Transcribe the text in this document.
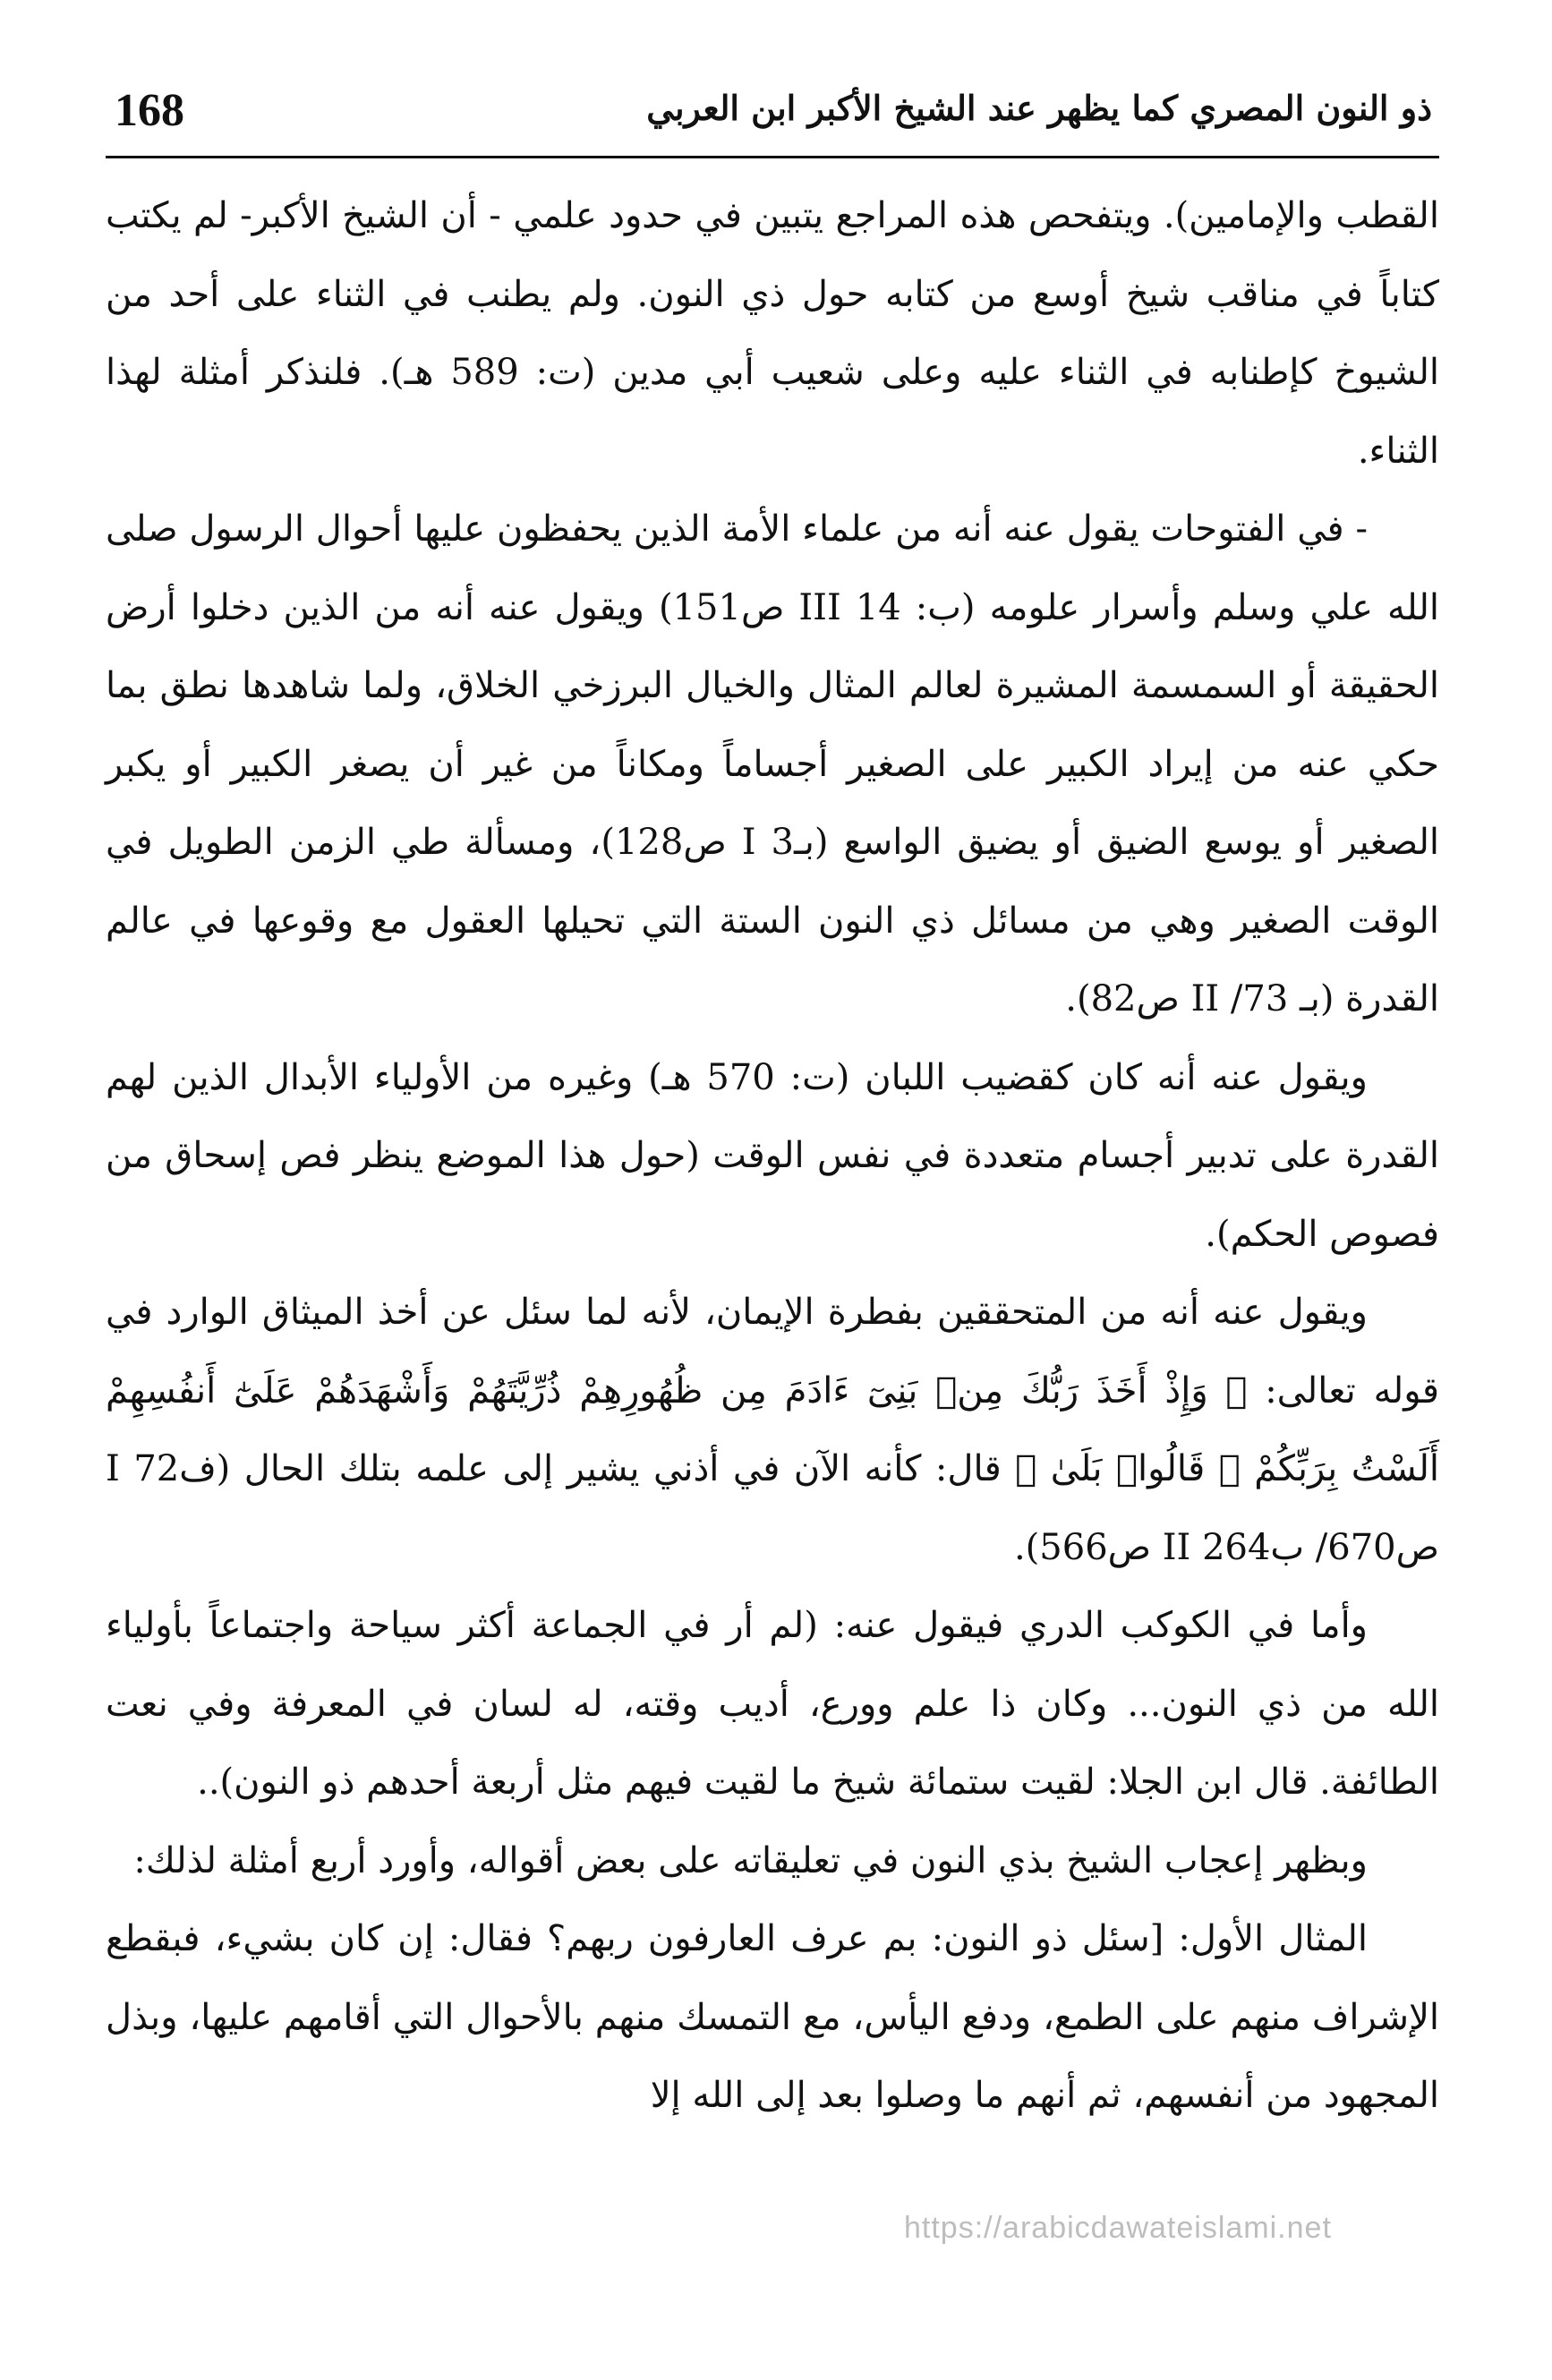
168	ذو النون المصري كما يظهر عند الشيخ الأكبر ابن العربي

القطب والإمامين). ويتفحص هذه المراجع يتبين في حدود علمي - أن الشيخ الأكبر- لم يكتب كتاباً في مناقب شيخ أوسع من كتابه حول ذي النون. ولم يطنب في الثناء على أحد من الشيوخ كإطنابه في الثناء عليه وعلى شعيب أبي مدين (ت: 589 هـ). فلنذكر أمثلة لهذا الثناء.

- في الفتوحات يقول عنه أنه من علماء الأمة الذين يحفظون عليها أحوال الرسول صلى الله علي وسلم وأسرار علومه (ب: 14 III ص151) ويقول عنه أنه من الذين دخلوا أرض الحقيقة أو السمسمة المشيرة لعالم المثال والخيال البرزخي الخلاق، ولما شاهدها نطق بما حكي عنه من إيراد الكبير على الصغير أجساماً ومكاناً من غير أن يصغر الكبير أو يكبر الصغير أو يوسع الضيق أو يضيق الواسع (بـ3 I ص128)، ومسألة طي الزمن الطويل في الوقت الصغير وهي من مسائل ذي النون الستة التي تحيلها العقول مع وقوعها في عالم القدرة (بـ 73/ II ص82).

ويقول عنه أنه كان كقضيب اللبان (ت: 570 هـ) وغيره من الأولياء الأبدال الذين لهم القدرة على تدبير أجسام متعددة في نفس الوقت (حول هذا الموضع ينظر فص إسحاق من فصوص الحكم).

ويقول عنه أنه من المتحققين بفطرة الإيمان، لأنه لما سئل عن أخذ الميثاق الوارد في قوله تعالى: ﴿ وَإِذْ أَخَذَ رَبُّكَ مِنۢ بَنِىٓ ءَادَمَ مِن ظُهُورِهِمْ ذُرِّيَّتَهُمْ وَأَشْهَدَهُمْ عَلَىٰٓ أَنفُسِهِمْ أَلَسْتُ بِرَبِّكُمْ ۖ قَالُوا۟ بَلَىٰ ﴾ قال: كأنه الآن في أذني يشير إلى علمه بتلك الحال (ف72 I ص670/ ب264 II ص566).

وأما في الكوكب الدري فيقول عنه: (لم أر في الجماعة أكثر سياحة واجتماعاً بأولياء الله من ذي النون... وكان ذا علم وورع، أديب وقته، له لسان في المعرفة وفي نعت الطائفة. قال ابن الجلا: لقيت ستمائة شيخ ما لقيت فيهم مثل أربعة أحدهم ذو النون)..

وبظهر إعجاب الشيخ بذي النون في تعليقاته على بعض أقواله، وأورد أربع أمثلة لذلك:

المثال الأول: [سئل ذو النون: بم عرف العارفون ربهم؟ فقال: إن كان بشيء، فبقطع الإشراف منهم على الطمع، ودفع اليأس، مع التمسك منهم بالأحوال التي أقامهم عليها، وبذل المجهود من أنفسهم، ثم أنهم ما وصلوا بعد إلى الله إلا

https://arabicdawateislami.net
